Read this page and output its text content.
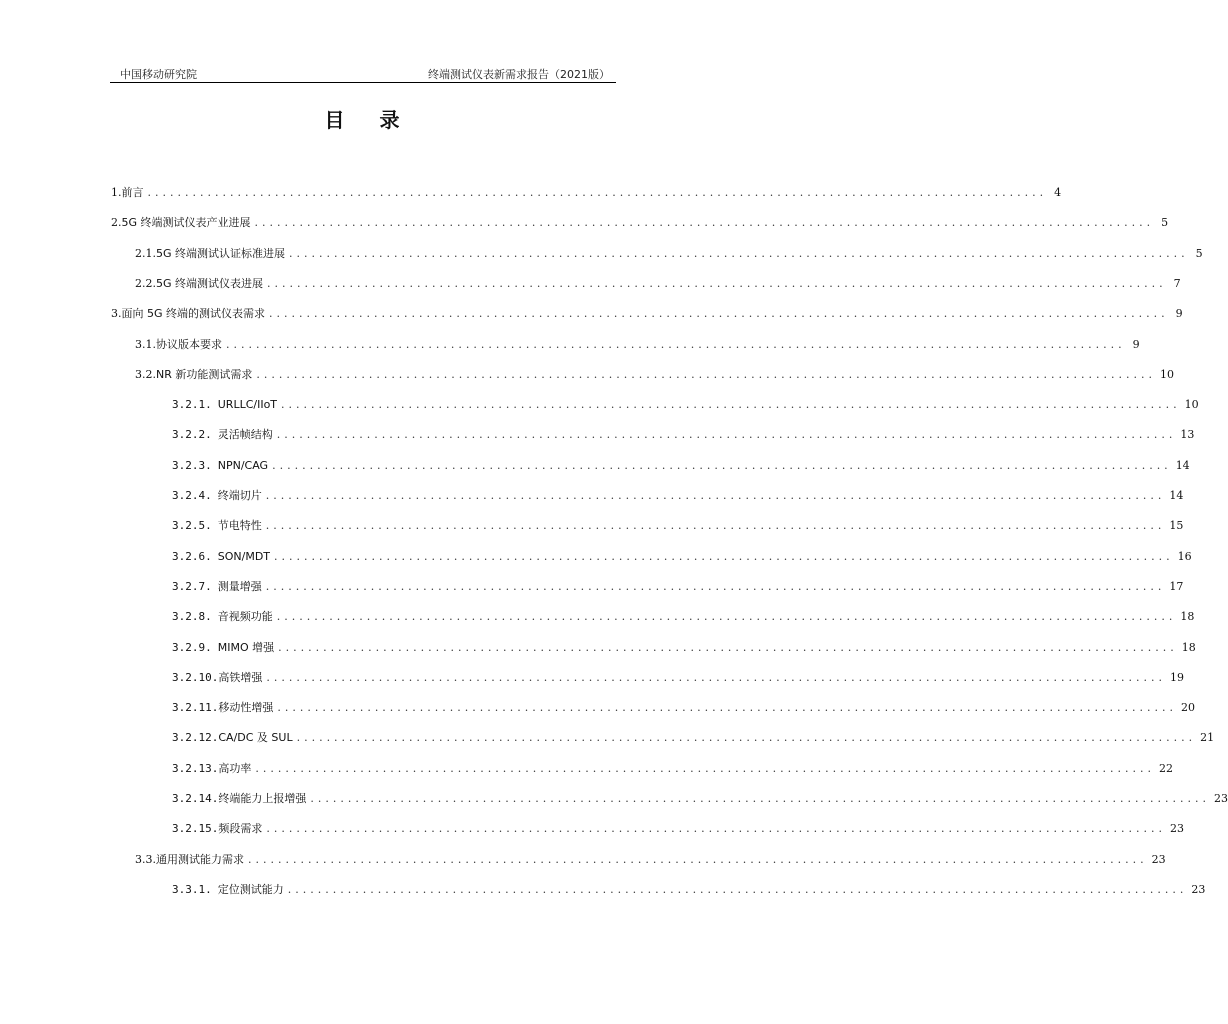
中国移动研究院	终端测试仪表新需求报告（2021版）
目 录
1. 前言 ........................................................................................................................ 4
2. 5G 终端测试仪表产业进展 ........................................................................................................................ 5
2.1. 5G 终端测试认证标准进展 ........................................................................................................................ 5
2.2. 5G 终端测试仪表进展 ........................................................................................................................ 7
3. 面向 5G 终端的测试仪表需求 ........................................................................................................................ 9
3.1. 协议版本要求 ........................................................................................................................ 9
3.2. NR 新功能测试需求 ........................................................................................................................ 10
3.2.1. URLLC/IIoT ........................................................................................................................ 10
3.2.2. 灵活帧结构 ........................................................................................................................ 13
3.2.3. NPN/CAG ........................................................................................................................ 14
3.2.4. 终端切片 ........................................................................................................................ 14
3.2.5. 节电特性 ........................................................................................................................ 15
3.2.6. SON/MDT ........................................................................................................................ 16
3.2.7. 测量增强 ........................................................................................................................ 17
3.2.8. 音视频功能 ........................................................................................................................ 18
3.2.9. MIMO 增强 ........................................................................................................................ 18
3.2.10. 高铁增强 ........................................................................................................................ 19
3.2.11. 移动性增强 ........................................................................................................................ 20
3.2.12. CA/DC 及 SUL ........................................................................................................................ 21
3.2.13. 高功率 ........................................................................................................................ 22
3.2.14. 终端能力上报增强 ........................................................................................................................ 23
3.2.15. 频段需求 ........................................................................................................................ 23
3.3. 通用测试能力需求 ........................................................................................................................ 23
3.3.1. 定位测试能力 ........................................................................................................................ 23
